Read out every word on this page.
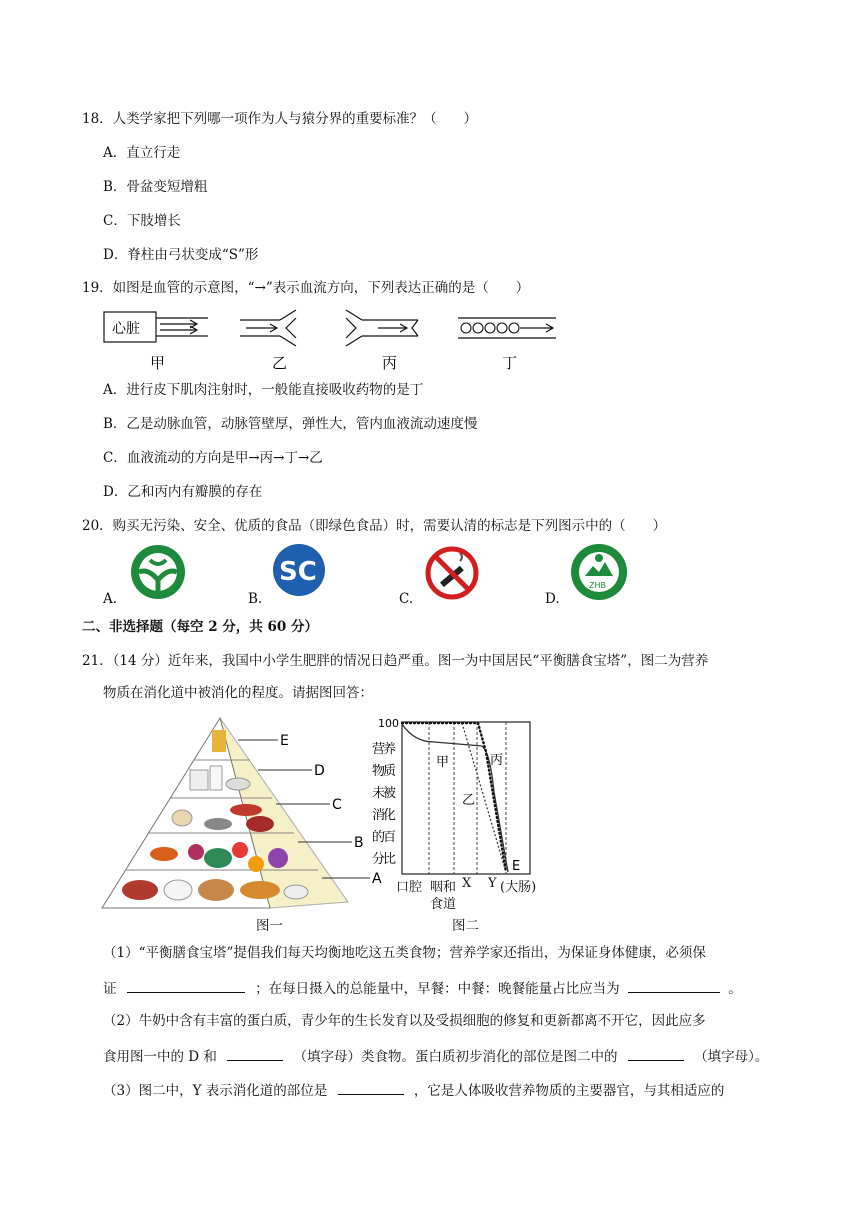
18．人类学家把下列哪一项作为人与猿分界的重要标准？（　　）
A．直立行走
B．骨盆变短增粗
C．下肢增长
D．脊柱由弓状变成“S”形
19．如图是血管的示意图，“→”表示血流方向，下列表达正确的是（　　）
心脏
甲	乙	丙	丁
A．进行皮下肌肉注射时，一般能直接吸收药物的是丁
B．乙是动脉血管，动脉管壁厚，弹性大，管内血液流动速度慢
C．血液流动的方向是甲→丙→丁→乙
D．乙和丙内有瓣膜的存在
20．购买无污染、安全、优质的食品（即绿色食品）时，需要认清的标志是下列图示中的（　　）
A.	B.	C.	D.
SC	ZHB
二、非选择题（每空 2 分，共 60 分）
21．（14 分）近年来，我国中小学生肥胖的情况日趋严重。图一为中国居民“平衡膳食宝塔”，图二为营养
物质在消化道中被消化的程度。请据图回答：
E
D
C
B
A
图一
100
甲
乙
丙
E
营
物
未
消
的
分
养
质
被
化
百
比
口腔 咽和
食道
X Y (大肠)
图二
（1）“平衡膳食宝塔”提倡我们每天均衡地吃这五类食物；营养学家还指出，为保证身体健康，必须保
证	；在每日摄入的总能量中，早餐：中餐：晚餐能量占比应当为	。
（2）牛奶中含有丰富的蛋白质，青少年的生长发育以及受损细胞的修复和更新都离不开它，因此应多
食用图一中的 D 和	（填字母）类食物。蛋白质初步消化的部位是图二中的	（填字母）。
（3）图二中，Y 表示消化道的部位是	，它是人体吸收营养物质的主要器官，与其相适应的
